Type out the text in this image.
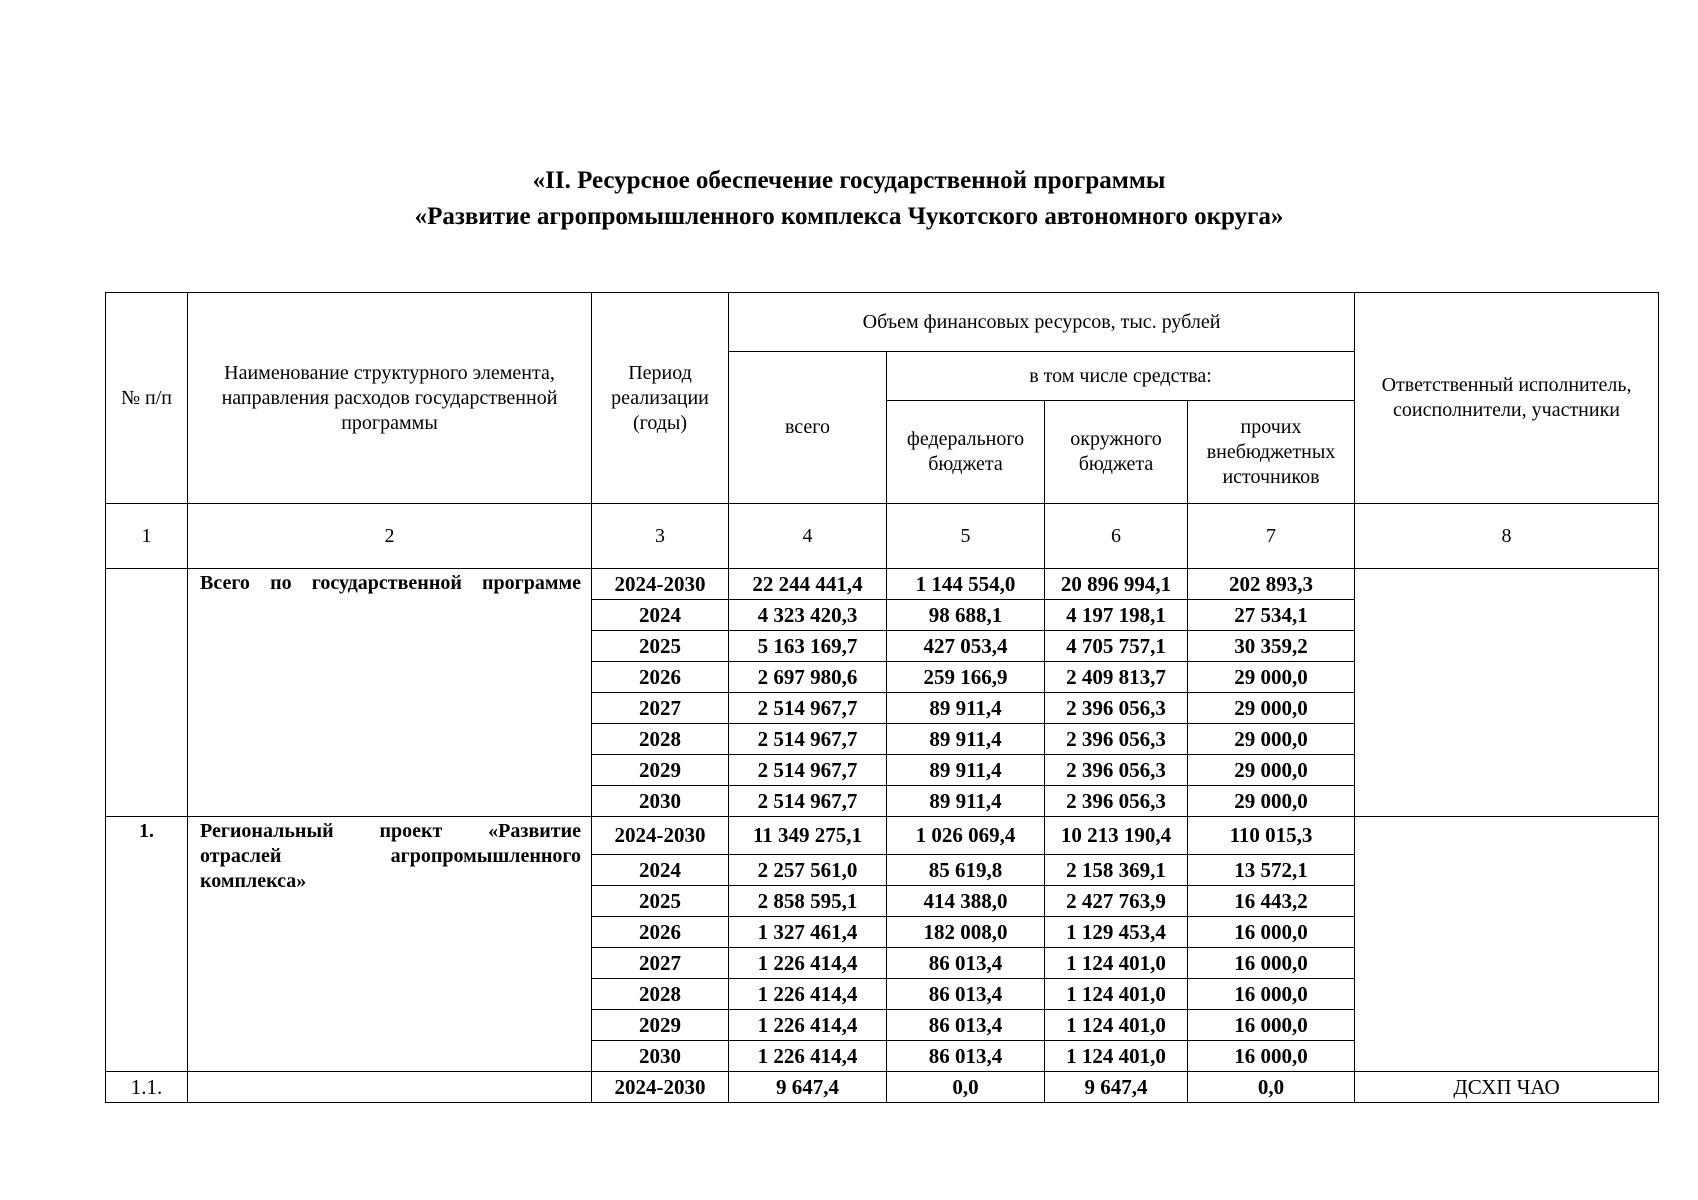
«II. Ресурсное обеспечение государственной программы
«Развитие агропромышленного комплекса Чукотского автономного округа»
№ п/п	Наименование структурного элемента, направления расходов государственной программы	Период реализации (годы)	Объем финансовых ресурсов, тыс. рублей				Ответственный исполнитель, соисполнители, участники
			всего	в том числе средства:			
				федерального бюджета	окружного бюджета	прочих внебюджетных источников	
1	2	3	4	5	6	7	8
	Всего по государственной программе	2024-2030	22 244 441,4	1 144 554,0	20 896 994,1	202 893,3	
		2024	4 323 420,3	98 688,1	4 197 198,1	27 534,1	
		2025	5 163 169,7	427 053,4	4 705 757,1	30 359,2	
		2026	2 697 980,6	259 166,9	2 409 813,7	29 000,0	
		2027	2 514 967,7	89 911,4	2 396 056,3	29 000,0	
		2028	2 514 967,7	89 911,4	2 396 056,3	29 000,0	
		2029	2 514 967,7	89 911,4	2 396 056,3	29 000,0	
		2030	2 514 967,7	89 911,4	2 396 056,3	29 000,0	
1.	Региональный проект «Развитие отраслей агропромышленного комплекса»	2024-2030	11 349 275,1	1 026 069,4	10 213 190,4	110 015,3	
		2024	2 257 561,0	85 619,8	2 158 369,1	13 572,1	
		2025	2 858 595,1	414 388,0	2 427 763,9	16 443,2	
		2026	1 327 461,4	182 008,0	1 129 453,4	16 000,0	
		2027	1 226 414,4	86 013,4	1 124 401,0	16 000,0	
		2028	1 226 414,4	86 013,4	1 124 401,0	16 000,0	
		2029	1 226 414,4	86 013,4	1 124 401,0	16 000,0	
		2030	1 226 414,4	86 013,4	1 124 401,0	16 000,0	
1.1.		2024-2030	9 647,4	0,0	9 647,4	0,0	ДСХП ЧАО
